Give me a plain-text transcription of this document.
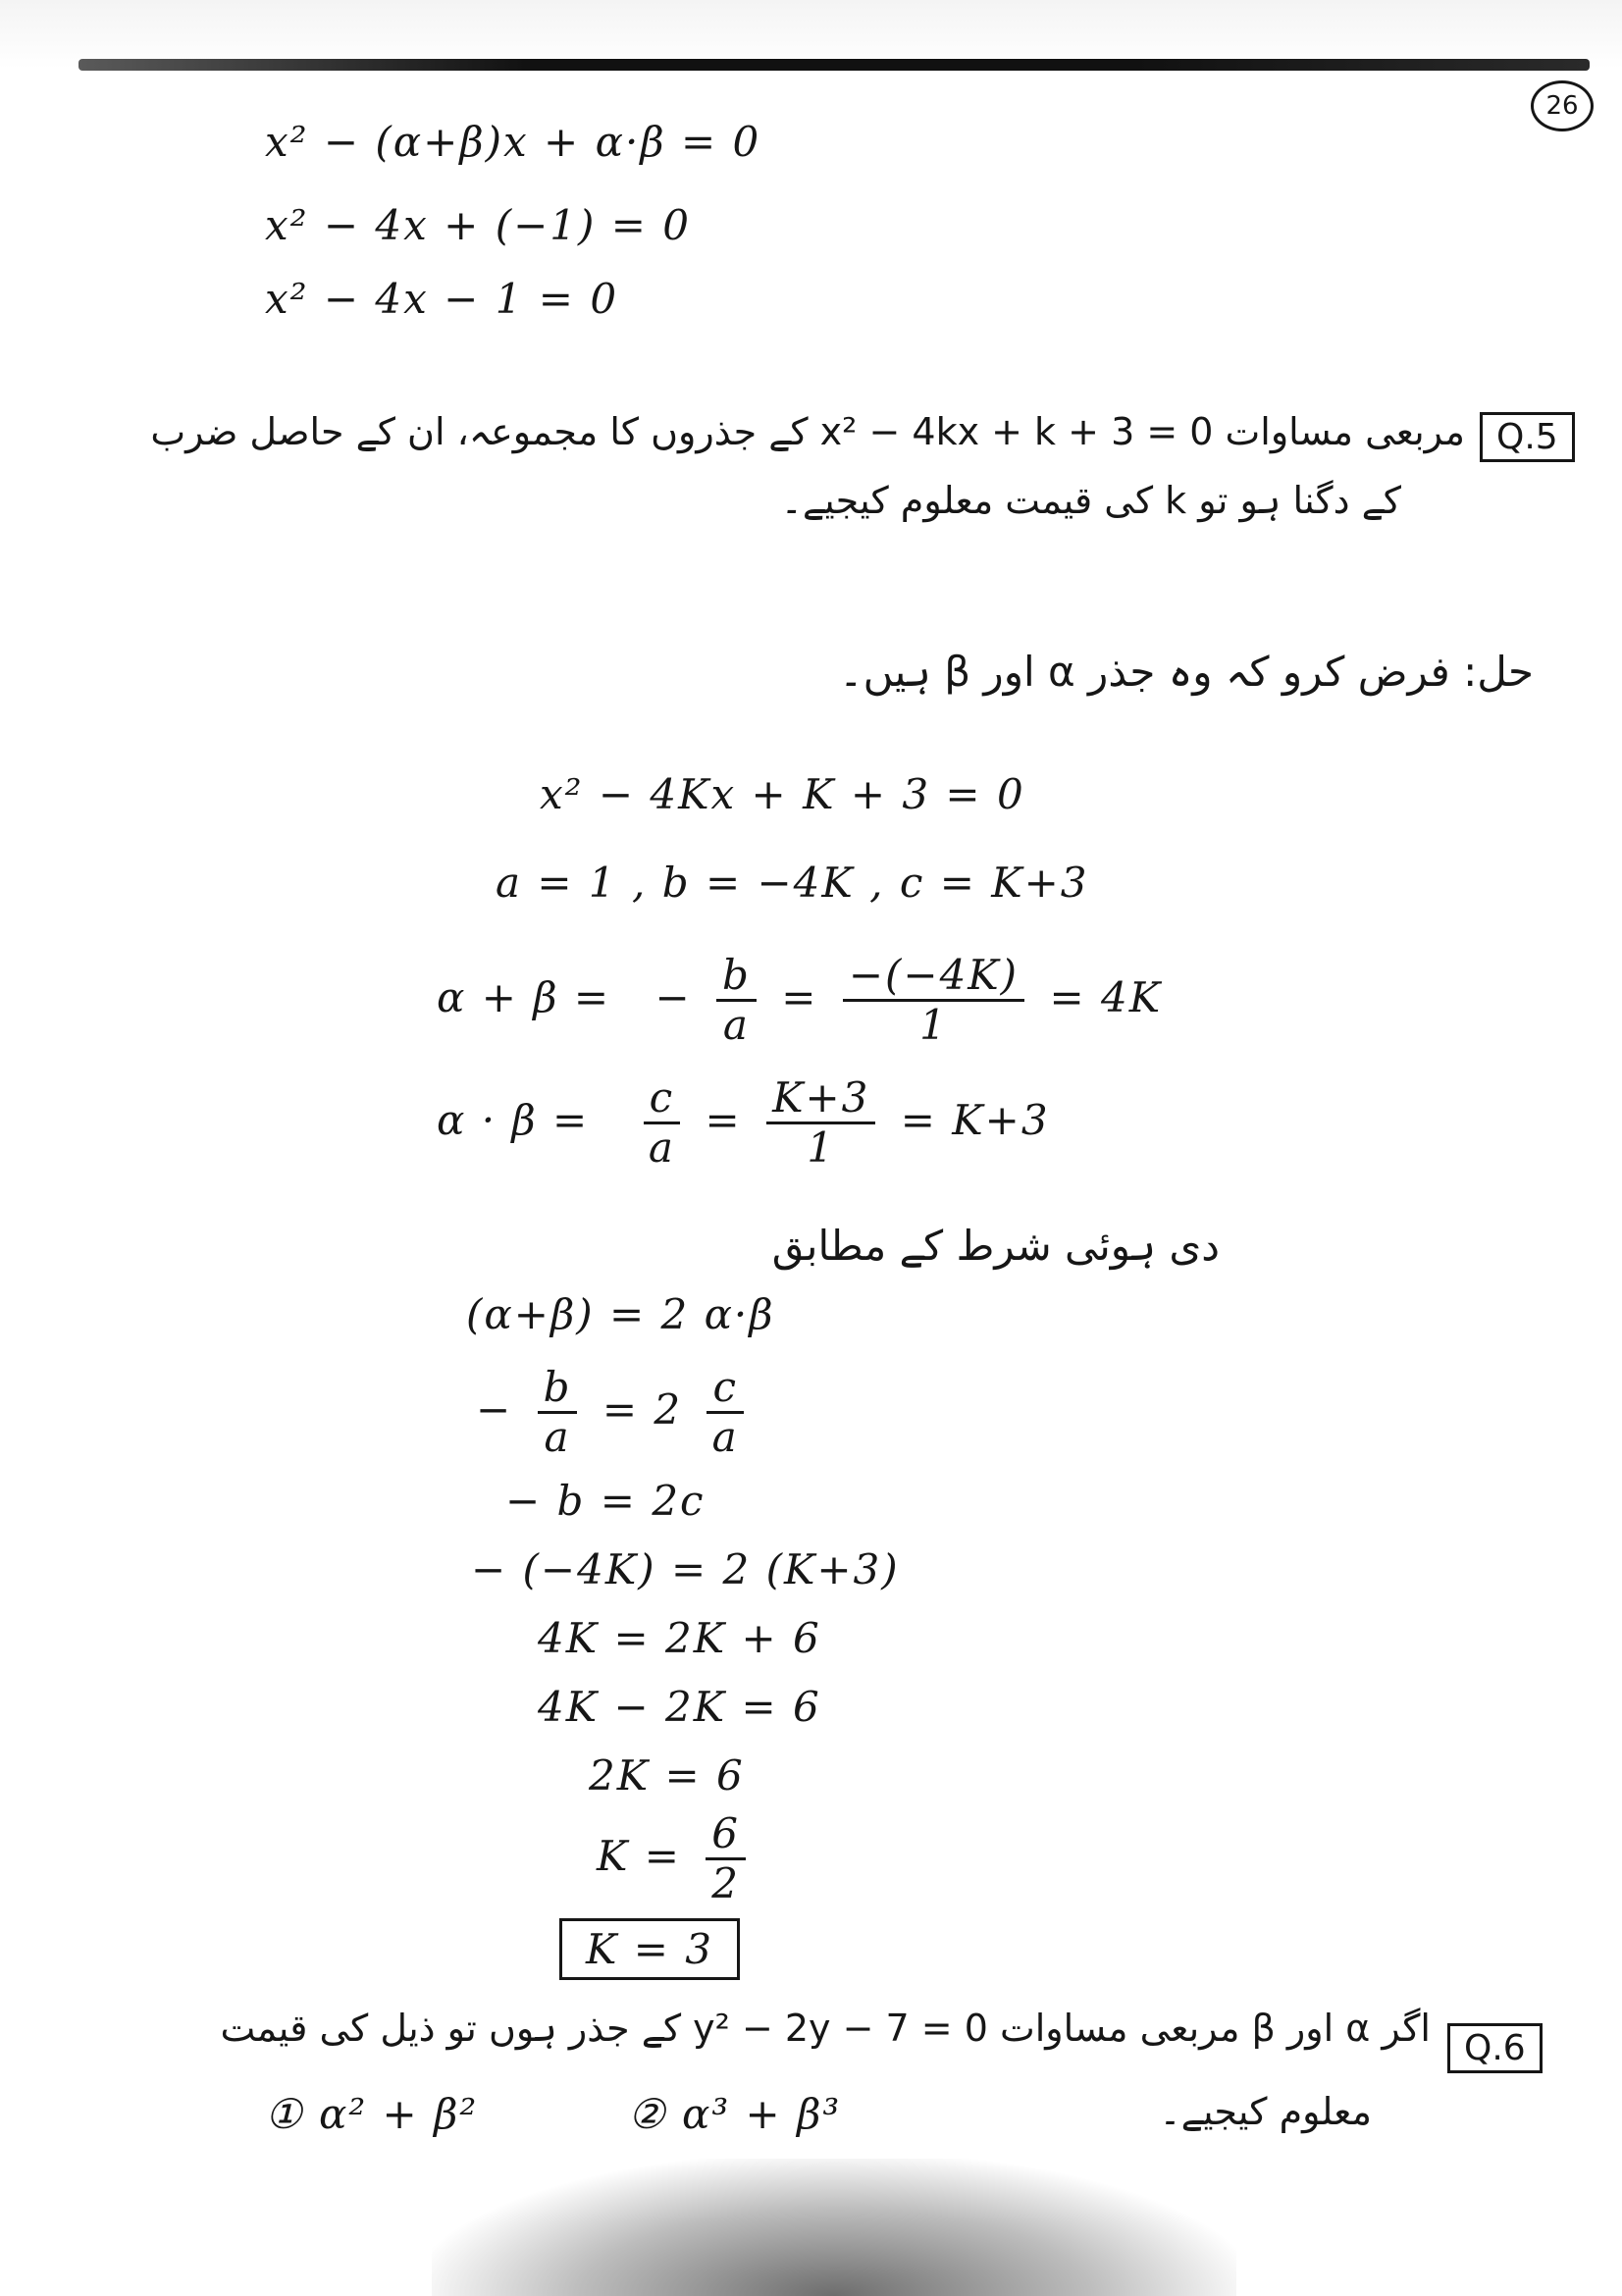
26
x² − (α+β)x + α·β = 0
x² − 4x + (−1) = 0
x² − 4x − 1 = 0
Q.5
مربعی مساوات x² − 4kx + k + 3 = 0 کے جذروں کا مجموعہ، ان کے حاصل ضرب
کے دگنا ہو تو k کی قیمت معلوم کیجیے۔
حل: فرض کرو کہ وہ جذر α اور β ہیں۔
x² − 4Kx + K + 3 = 0
a = 1 , b = −4K , c = K+3
α + β = − $\frac{b}{a} = \frac{-(-4K)}{1} = 4K$
$\alpha \cdot \beta = \frac{c}{a} = \frac{K+3}{1} = K+3$
دی ہوئی شرط کے مطابق
(α+β) = 2 α·β
− $\frac{b}{a} = 2 \frac{c}{a}$
− b = 2c
− (−4K) = 2 (K+3)
4K = 2K + 6
4K − 2K = 6
2K = 6
$K = \frac{6}{2}$
K = 3
Q.6
اگر α اور β مربعی مساوات y² − 2y − 7 = 0 کے جذر ہوں تو ذیل کی قیمت
معلوم کیجیے۔
① α² + β²	② α³ + β³
